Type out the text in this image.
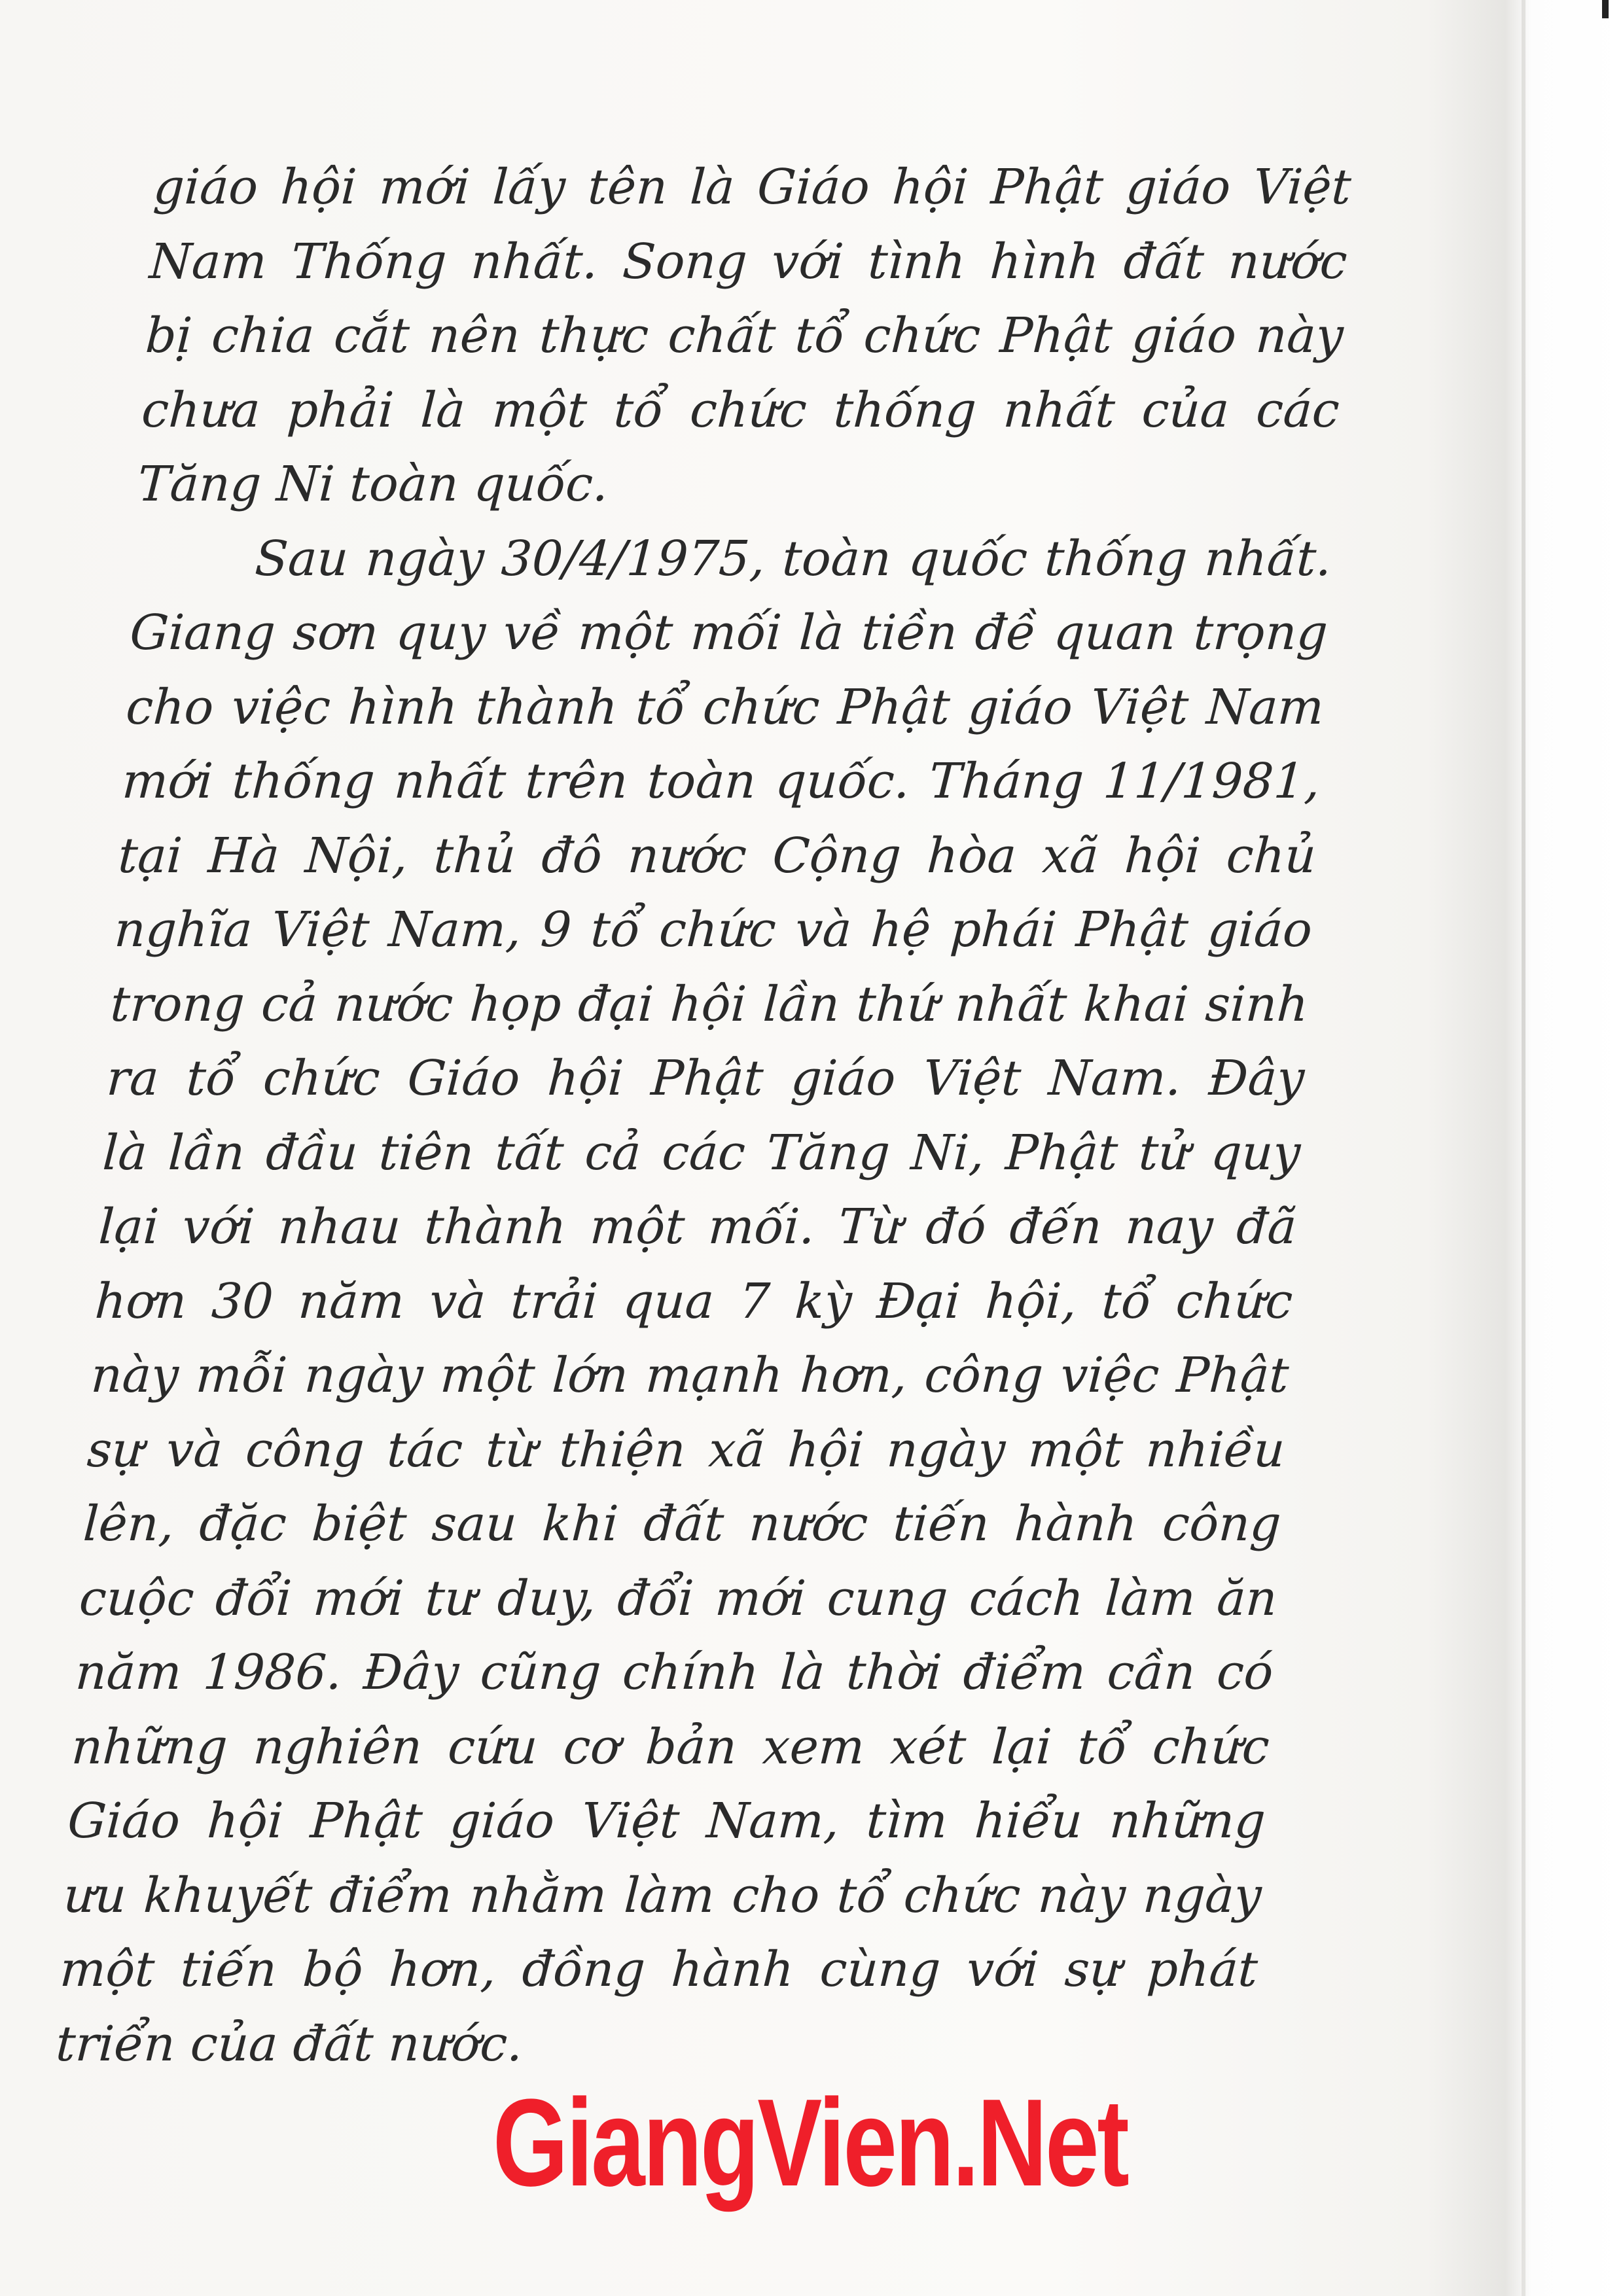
giáo hội mới lấy tên là Giáo hội Phật giáo Việt
Nam Thống nhất. Song với tình hình đất nước
bị chia cắt nên thực chất tổ chức Phật giáo này
chưa phải là một tổ chức thống nhất của các
Tăng Ni toàn quốc.
Sau ngày 30/4/1975, toàn quốc thống nhất.
Giang sơn quy về một mối là tiền đề quan trọng
cho việc hình thành tổ chức Phật giáo Việt Nam
mới thống nhất trên toàn quốc. Tháng 11/1981,
tại Hà Nội, thủ đô nước Cộng hòa xã hội chủ
nghĩa Việt Nam, 9 tổ chức và hệ phái Phật giáo
trong cả nước họp đại hội lần thứ nhất khai sinh
ra tổ chức Giáo hội Phật giáo Việt Nam. Đây
là lần đầu tiên tất cả các Tăng Ni, Phật tử quy
lại với nhau thành một mối. Từ đó đến nay đã
hơn 30 năm và trải qua 7 kỳ Đại hội, tổ chức
này mỗi ngày một lớn mạnh hơn, công việc Phật
sự và công tác từ thiện xã hội ngày một nhiều
lên, đặc biệt sau khi đất nước tiến hành công
cuộc đổi mới tư duy, đổi mới cung cách làm ăn
năm 1986. Đây cũng chính là thời điểm cần có
những nghiên cứu cơ bản xem xét lại tổ chức
Giáo hội Phật giáo Việt Nam, tìm hiểu những
ưu khuyết điểm nhằm làm cho tổ chức này ngày
một tiến bộ hơn, đồng hành cùng với sự phát
triển của đất nước.
GiangVien.Net
